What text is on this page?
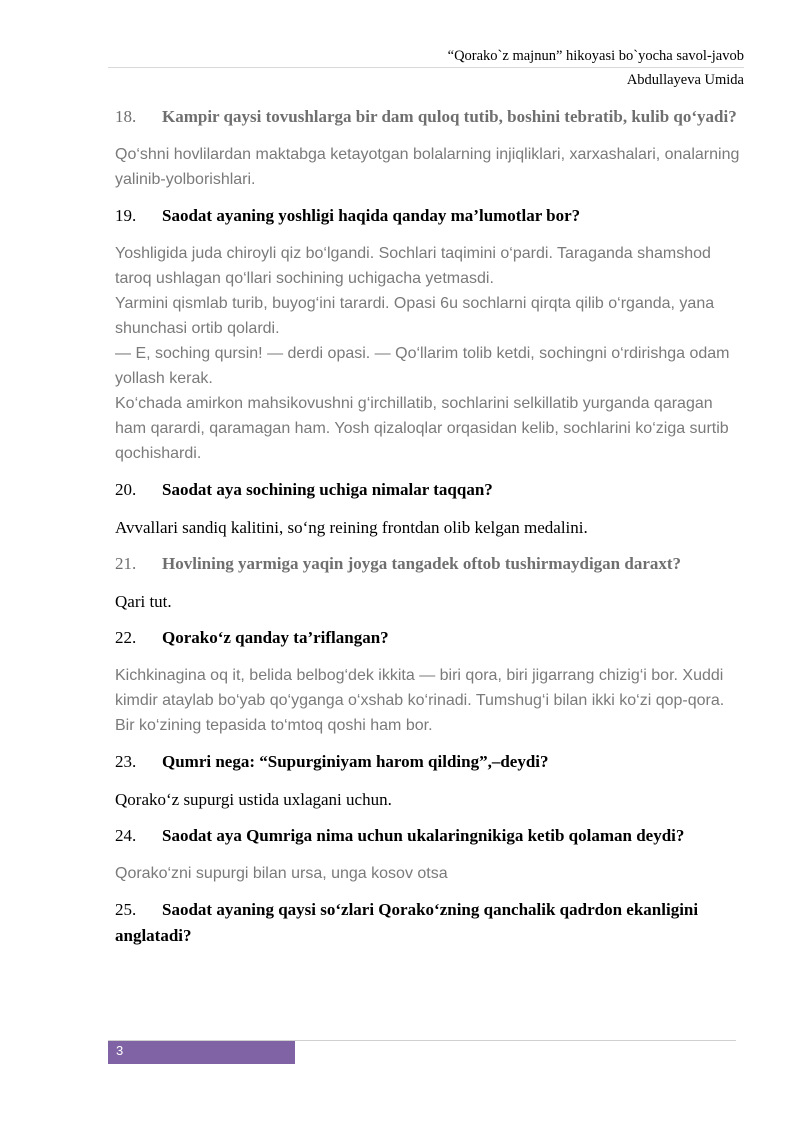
“Qorako`z majnun” hikoyasi bo`yocha savol-javob
Abdullayeva Umida
18. Kampir qaysi tovushlarga bir dam quloq tutib, boshini tebratib, kulib qo‘yadi?
Qo‘shni hovlilardan maktabga ketayotgan bolalarning injiqliklari, xarxashalari, onalarning yalinib-yolborishlari.
19. Saodat ayaning yoshligi haqida qanday ma’lumotlar bor?
Yoshligida juda chiroyli qiz bo‘lgandi. Sochlari taqimini o‘pardi. Taraganda shamshod taroq ushlagan qo‘llari sochining uchigacha yetmasdi.
Yarmini qismlab turib, buyog‘ini tarardi. Opasi 6u sochlarni qirqta qilib o‘rganda, yana shunchasi ortib qolardi.
— E, soching qursin! — derdi opasi. — Qo‘llarim tolib ketdi, sochingni o‘rdirishga odam yollash kerak.
Ko‘chada amirkon mahsikovushni g‘irchillatib, sochlarini selkillatib yurganda qaragan ham qarardi, qaramagan ham. Yosh qizaloqlar orqasidan kelib, sochlarini ko‘ziga surtib qochishardi.
20. Saodat aya sochining uchiga nimalar taqqan?
Avvallari sandiq kalitini, so‘ng reining frontdan olib kelgan medalini.
21. Hovlining yarmiga yaqin joyga tangadek oftob tushirmaydigan daraxt?
Qari tut.
22. Qorako‘z qanday ta’riflangan?
Kichkinagina oq it, belida belbog‘dek ikkita — biri qora, biri jigarrang chizig‘i bor. Xuddi kimdir ataylab bo‘yab qo‘yganga o‘xshab ko‘rinadi. Tumshug‘i bilan ikki ko‘zi qop-qora. Bir ko‘zining tepasida to‘mtoq qoshi ham bor.
23. Qumri nega: “Supurginiyam harom qilding”,–deydi?
Qorako‘z supurgi ustida uxlagani uchun.
24. Saodat aya Qumriga nima uchun ukalaringnikiga ketib qolaman deydi?
Qorako‘zni supurgi bilan ursa, unga kosov otsa
25. Saodat ayaning qaysi so‘zlari Qorako‘zning qanchalik qadrdon ekanligini anglatadi?
3
